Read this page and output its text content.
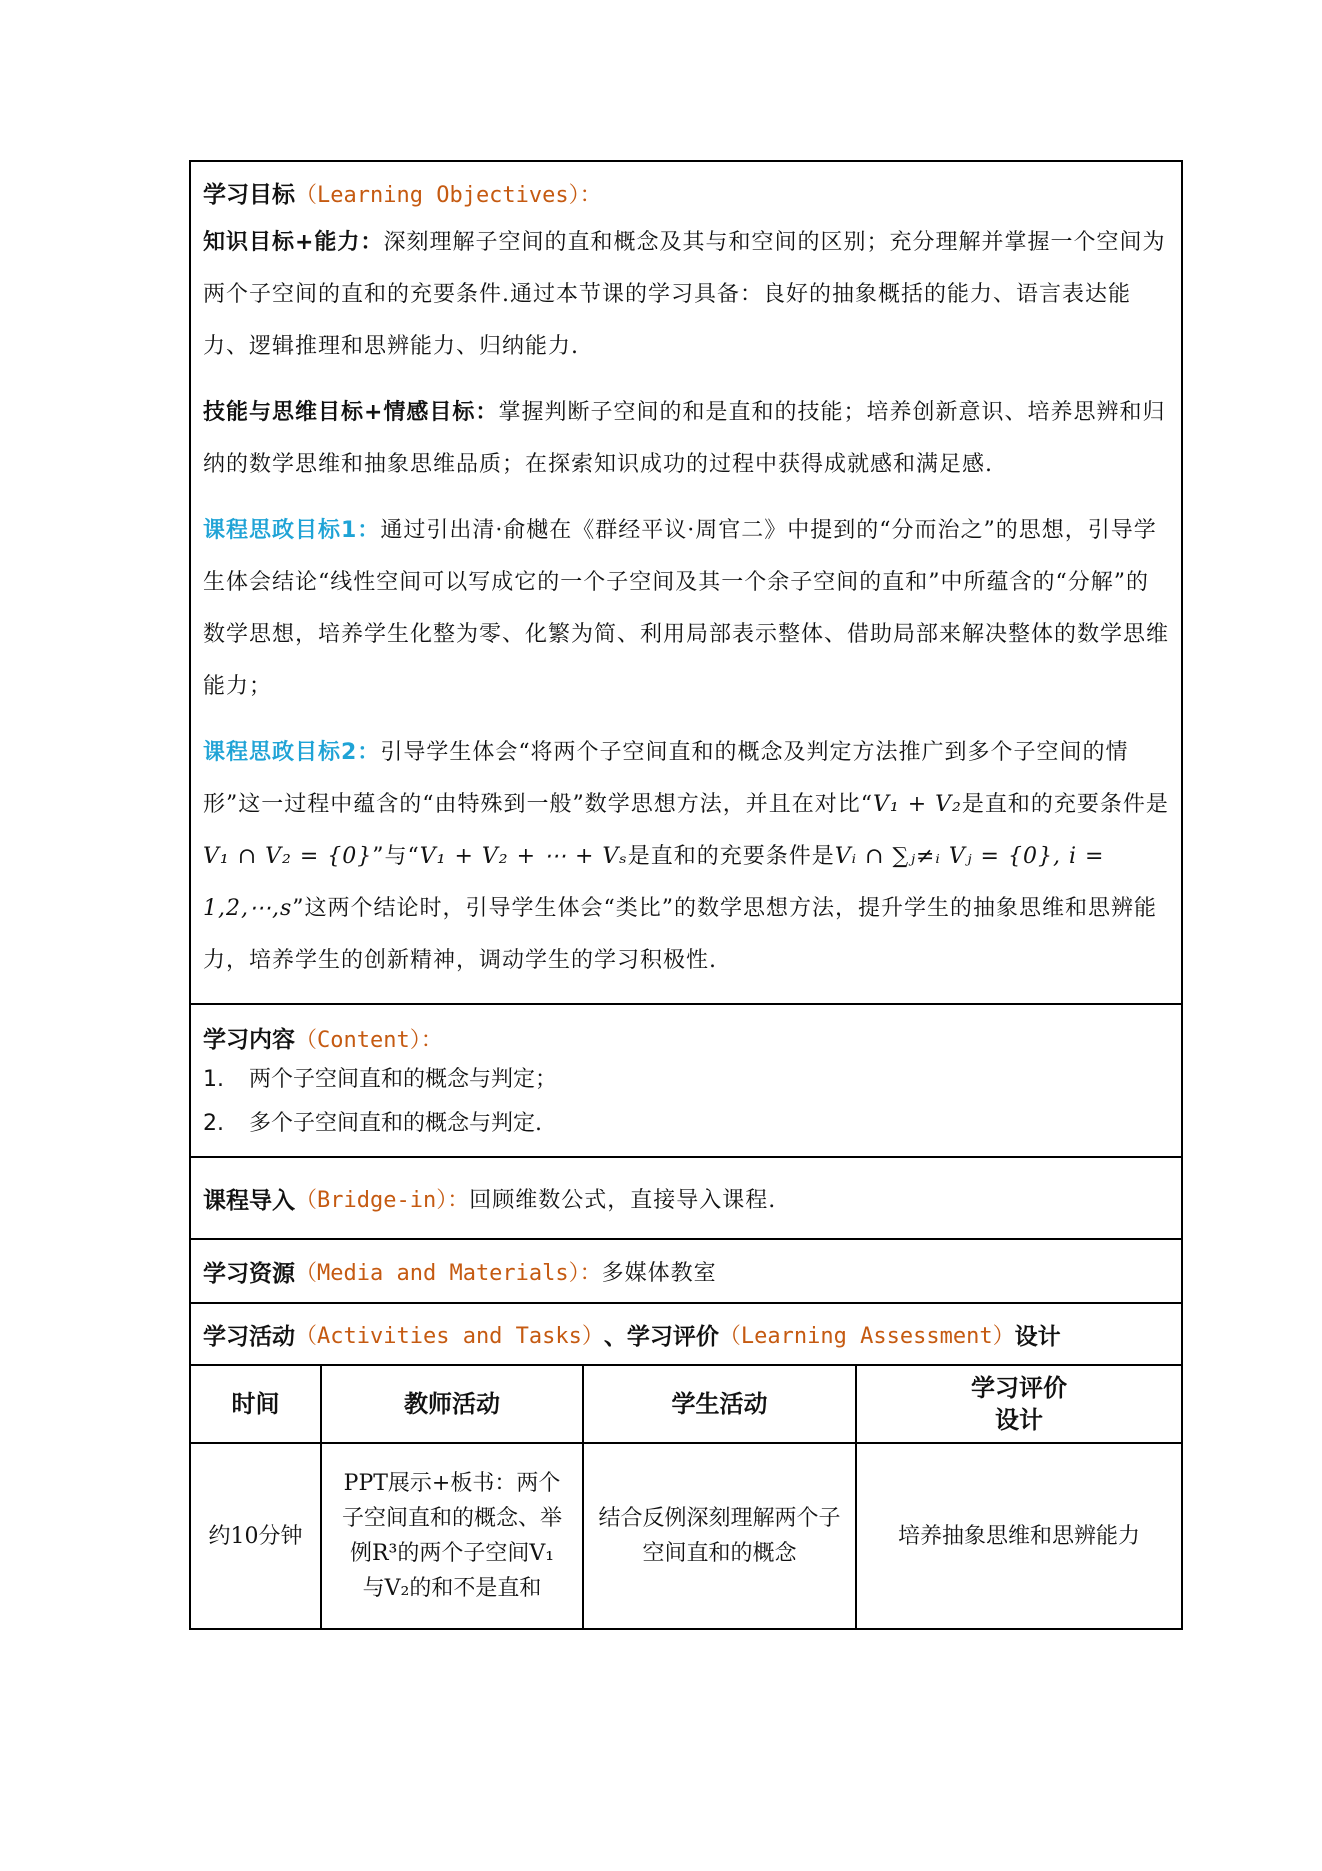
学习目标（Learning Objectives）：

知识目标+能力：深刻理解子空间的直和概念及其与和空间的区别；充分理解并掌握一个空间为两个子空间的直和的充要条件.通过本节课的学习具备：良好的抽象概括的能力、语言表达能力、逻辑推理和思辨能力、归纳能力.

技能与思维目标+情感目标：掌握判断子空间的和是直和的技能；培养创新意识、培养思辨和归纳的数学思维和抽象思维品质；在探索知识成功的过程中获得成就感和满足感.

课程思政目标1：通过引出清·俞樾在《群经平议·周官二》中提到的“分而治之”的思想，引导学生体会结论“线性空间可以写成它的一个子空间及其一个余子空间的直和”中所蕴含的“分解”的数学思想，培养学生化整为零、化繁为简、利用局部表示整体、借助局部来解决整体的数学思维能力；

课程思政目标2：引导学生体会“将两个子空间直和的概念及判定方法推广到多个子空间的情形”这一过程中蕴含的“由特殊到一般”数学思想方法，并且在对比“V₁ + V₂是直和的充要条件是V₁ ∩ V₂ = {0}”与“V₁ + V₂ + ⋯ + Vₛ是直和的充要条件是Vᵢ ∩ ∑ⱼ≠ᵢ Vⱼ = {0}, i = 1,2,⋯,s”这两个结论时，引导学生体会“类比”的数学思想方法，提升学生的抽象思维和思辨能力，培养学生的创新精神，调动学生的学习积极性.

学习内容（Content）：

1. 两个子空间直和的概念与判定；

2. 多个子空间直和的概念与判定.

课程导入 （Bridge-in）： 回顾维数公式，直接导入课程.
学习资源 （Media and Materials）： 多媒体教室
学习活动 （Activities and Tasks） 、 学习评价 （Learning Assessment） 设计
时间	教师活动	学生活动
学习评价设计
约10分钟
PPT展示+板书：两个子空间直和的概念、举例R³的两个子空间V₁与V₂的和不是直和
结合反例深刻理解两个子空间直和的概念
培养抽象思维和思辨能力
